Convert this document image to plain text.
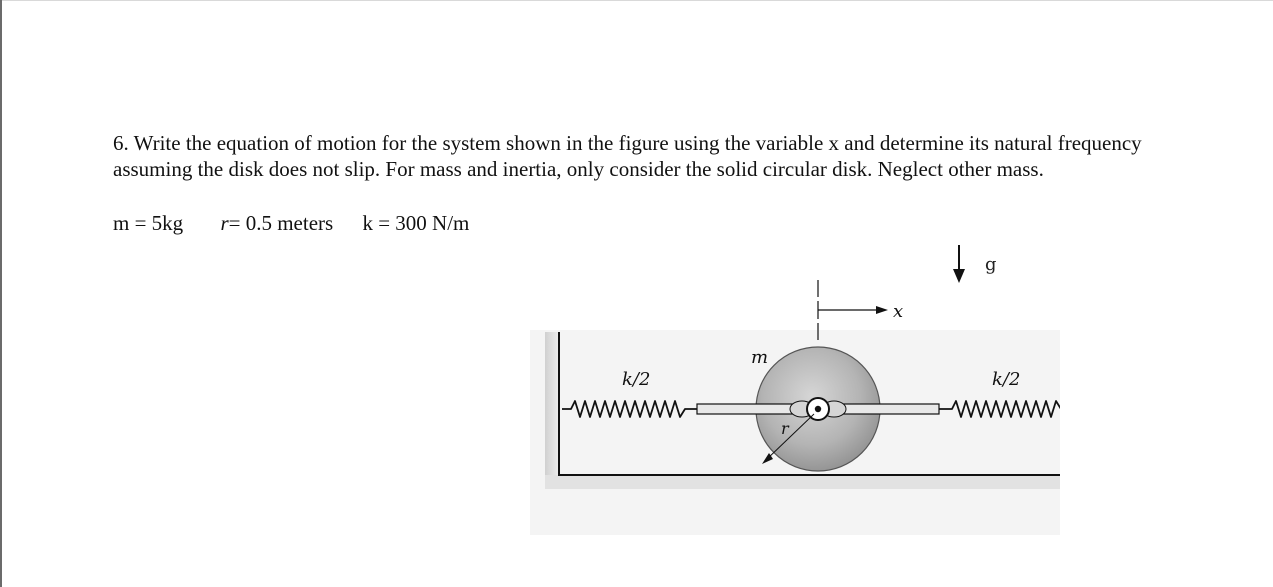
6. Write the equation of motion for the system shown in the figure using the variable x and determine its natural frequency assuming the disk does not slip. For mass and inertia, only consider the solid circular disk. Neglect other mass.
m = 5kg r= 0.5 meters k = 300 N/m
g
x
k/2
r
m
k/2
